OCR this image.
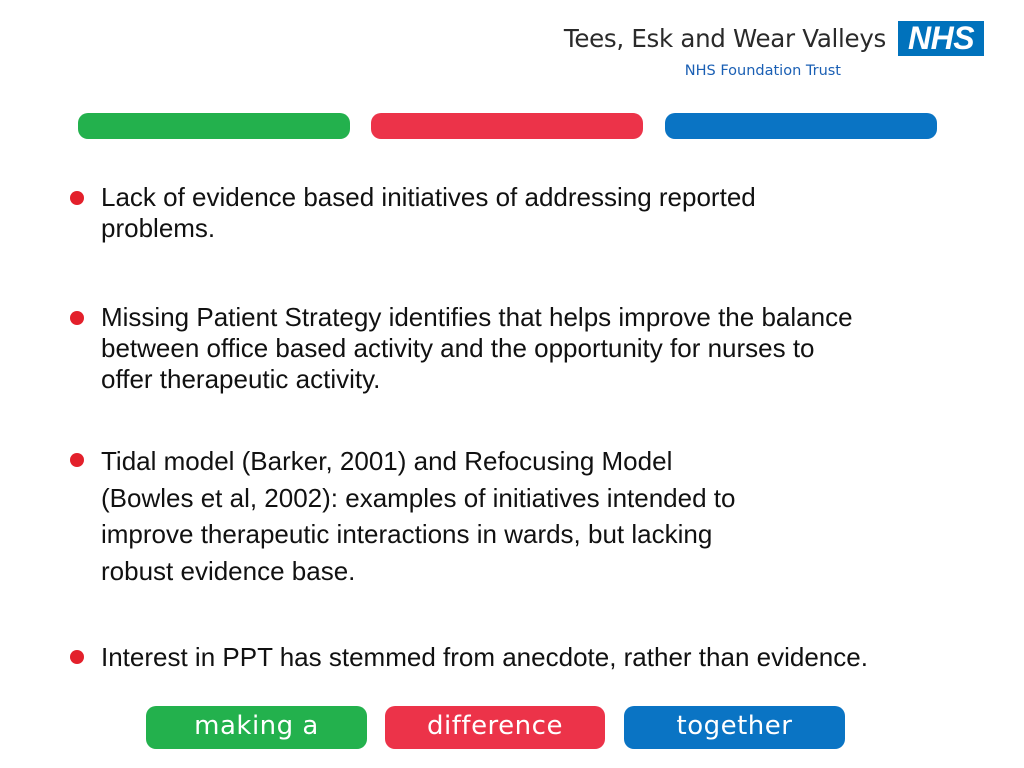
Tees, Esk and Wear Valleys
NHS Foundation Trust
NHS
Lack of evidence based initiatives of addressing reported
problems.
Missing Patient Strategy identifies that helps improve the balance
between office based activity and the opportunity for nurses to
offer therapeutic activity.
Tidal model (Barker, 2001) and Refocusing Model
(Bowles et al, 2002): examples of initiatives intended to
improve therapeutic interactions in wards, but lacking
robust evidence base.
Interest in PPT has stemmed from anecdote, rather than evidence.
making a	difference	together
